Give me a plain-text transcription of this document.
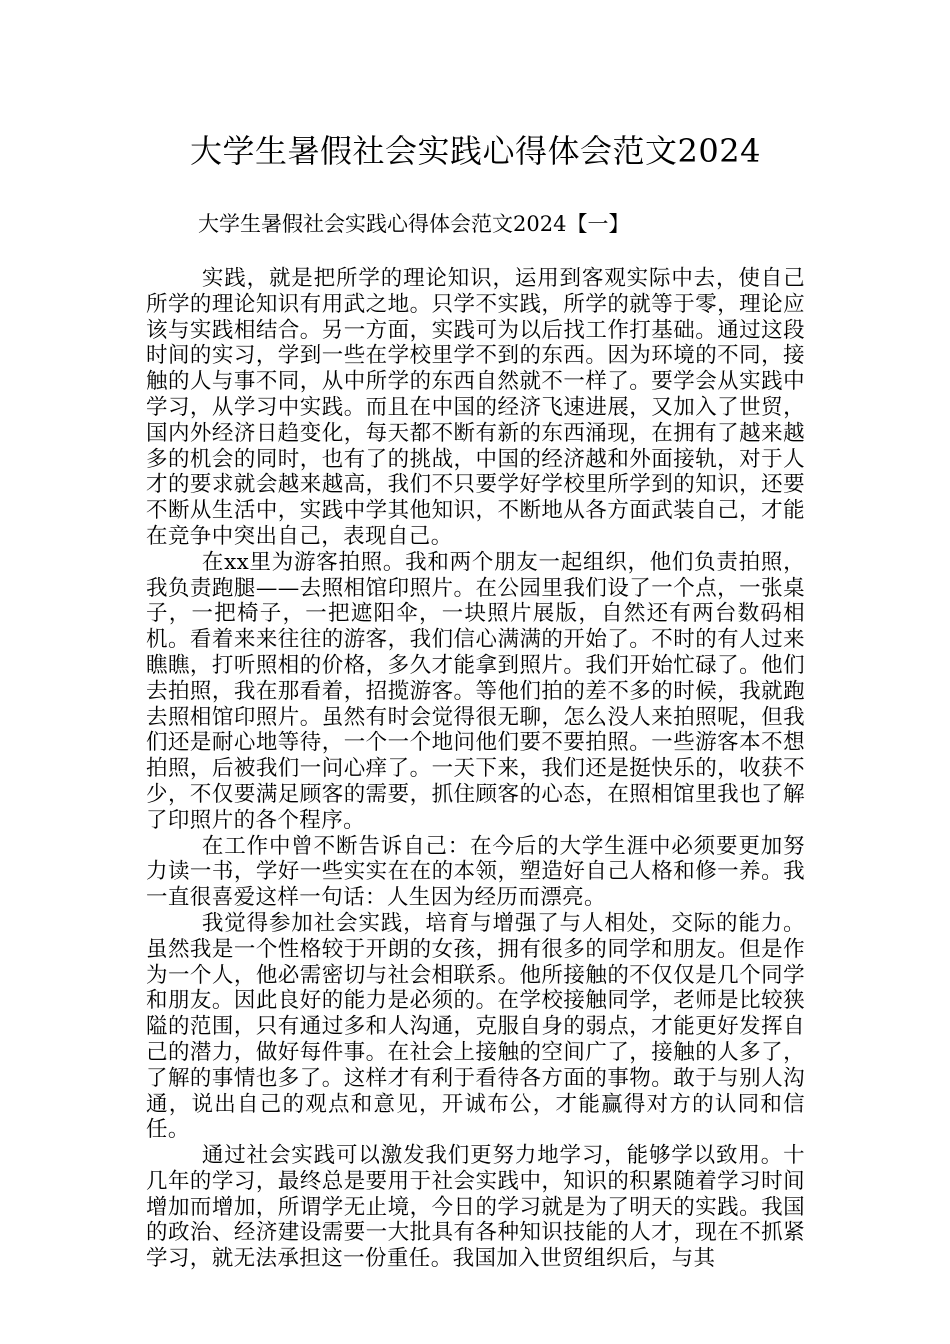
大学生暑假社会实践心得体会范文2024
大学生暑假社会实践心得体会范文2024【一】

实践，就是把所学的理论知识，运用到客观实际中去，使自己所学的理论知识有用武之地。只学不实践，所学的就等于零，理论应该与实践相结合。另一方面，实践可为以后找工作打基础。通过这段时间的实习，学到一些在学校里学不到的东西。因为环境的不同，接触的人与事不同，从中所学的东西自然就不一样了。要学会从实践中学习，从学习中实践。而且在中国的经济飞速进展，又加入了世贸，国内外经济日趋变化，每天都不断有新的东西涌现，在拥有了越来越多的机会的同时，也有了的挑战，中国的经济越和外面接轨，对于人才的要求就会越来越高，我们不只要学好学校里所学到的知识，还要不断从生活中，实践中学其他知识，不断地从各方面武装自己，才能在竞争中突出自己，表现自己。

在xx里为游客拍照。我和两个朋友一起组织，他们负责拍照，我负责跑腿——去照相馆印照片。在公园里我们设了一个点，一张桌子，一把椅子，一把遮阳伞，一块照片展版，自然还有两台数码相机。看着来来往往的游客，我们信心满满的开始了。不时的有人过来瞧瞧，打听照相的价格，多久才能拿到照片。我们开始忙碌了。他们去拍照，我在那看着，招揽游客。等他们拍的差不多的时候，我就跑去照相馆印照片。虽然有时会觉得很无聊，怎么没人来拍照呢，但我们还是耐心地等待，一个一个地问他们要不要拍照。一些游客本不想拍照，后被我们一问心痒了。一天下来，我们还是挺快乐的，收获不少，不仅要满足顾客的需要，抓住顾客的心态，在照相馆里我也了解了印照片的各个程序。

在工作中曾不断告诉自己：在今后的大学生涯中必须要更加努力读一书，学好一些实实在在的本领，塑造好自己人格和修一养。我一直很喜爱这样一句话：人生因为经历而漂亮。

我觉得参加社会实践，培育与增强了与人相处，交际的能力。虽然我是一个性格较于开朗的女孩，拥有很多的同学和朋友。但是作为一个人，他必需密切与社会相联系。他所接触的不仅仅是几个同学和朋友。因此良好的能力是必须的。在学校接触同学，老师是比较狭隘的范围，只有通过多和人沟通，克服自身的弱点，才能更好发挥自己的潜力，做好每件事。在社会上接触的空间广了，接触的人多了，了解的事情也多了。这样才有利于看待各方面的事物。敢于与别人沟通，说出自己的观点和意见，开诚布公，才能赢得对方的认同和信任。

通过社会实践可以激发我们更努力地学习，能够学以致用。十几年的学习，最终总是要用于社会实践中，知识的积累随着学习时间增加而增加，所谓学无止境，今日的学习就是为了明天的实践。我国的政治、经济建设需要一大批具有各种知识技能的人才，现在不抓紧学习，就无法承担这一份重任。我国加入世贸组织后，与其
